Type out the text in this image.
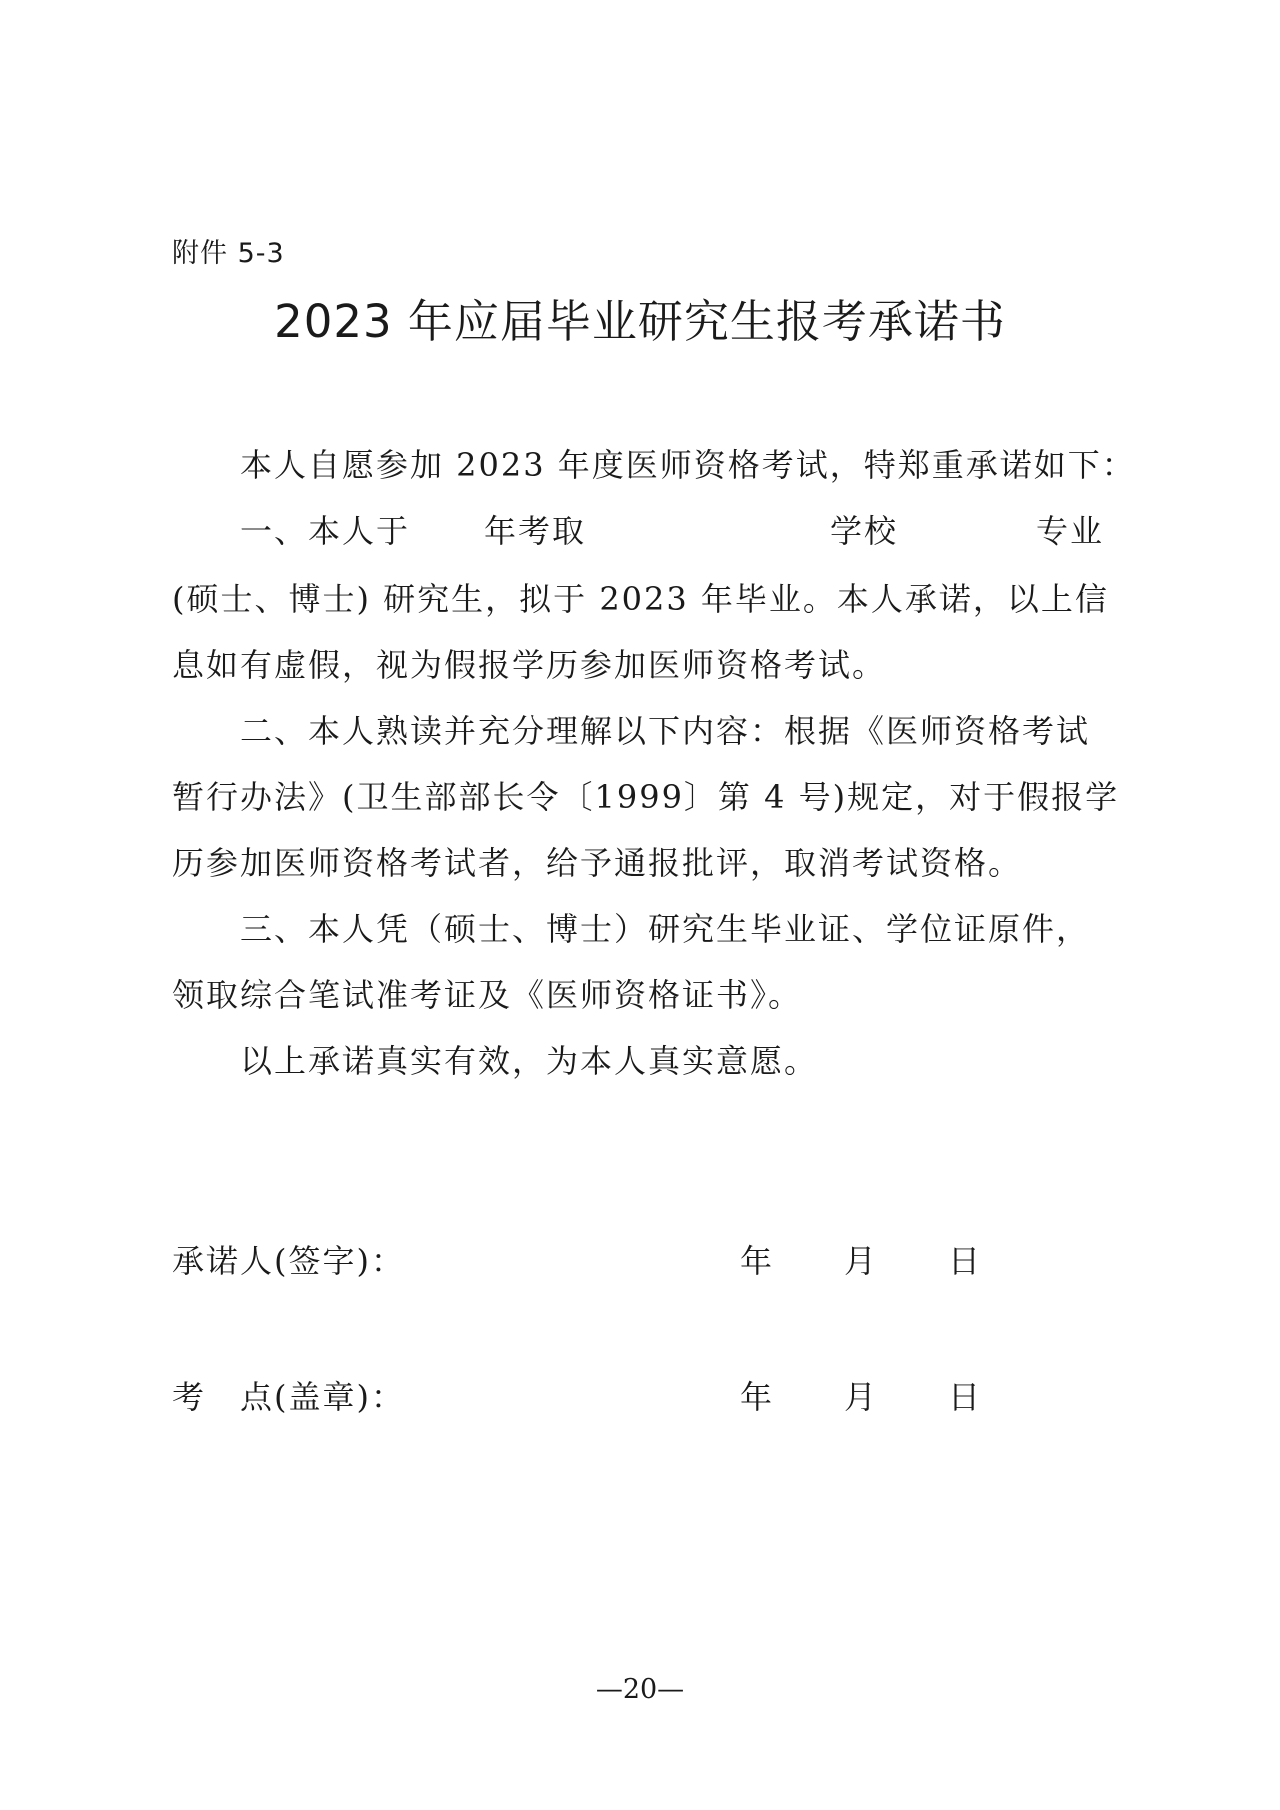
附件 5-3
2023 年应届毕业研究生报考承诺书
本人自愿参加 2023 年度医师资格考试，特郑重承诺如下：
一、本人于 年考取	学校	专业
(硕士、博士) 研究生，拟于 2023 年毕业。本人承诺，以上信
息如有虚假，视为假报学历参加医师资格考试。
二、本人熟读并充分理解以下内容：根据《医师资格考试
暂行办法》(卫生部部长令〔1999〕第 4 号)规定，对于假报学
历参加医师资格考试者，给予通报批评，取消考试资格。
三、本人凭（硕士、博士）研究生毕业证、学位证原件，
领取综合笔试准考证及《医师资格证书》。
以上承诺真实有效，为本人真实意愿。
承诺人(签字)：	年 月 日
考　点(盖章)：	年 月 日
—20—
